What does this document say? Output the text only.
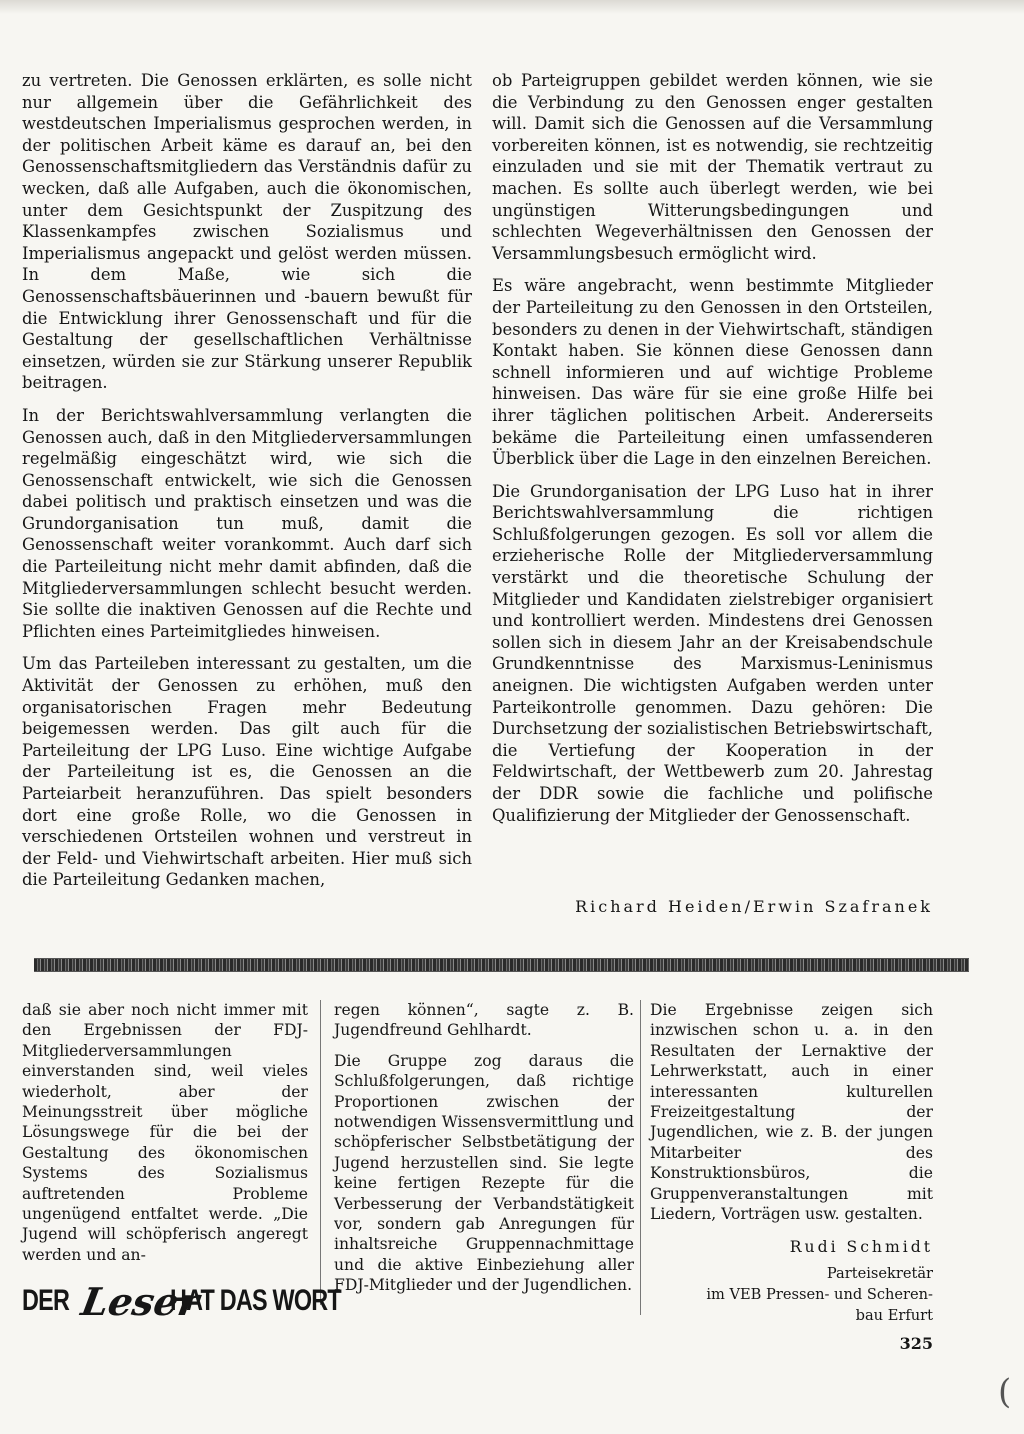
zu vertreten. Die Genossen erklärten, es solle nicht nur allgemein über die Gefährlichkeit des westdeutschen Imperialismus gesprochen werden, in der politischen Arbeit käme es darauf an, bei den Genossenschaftsmitgliedern das Verständnis dafür zu wecken, daß alle Aufgaben, auch die ökonomischen, unter dem Gesichtspunkt der Zuspitzung des Klassenkampfes zwischen Sozialismus und Imperialismus angepackt und gelöst werden müssen. In dem Maße, wie sich die Genossenschaftsbäuerinnen und -bauern bewußt für die Entwicklung ihrer Genossenschaft und für die Gestaltung der gesellschaftlichen Verhältnisse einsetzen, würden sie zur Stärkung unserer Republik beitragen.

In der Berichtswahlversammlung verlangten die Genossen auch, daß in den Mitgliederversammlungen regelmäßig eingeschätzt wird, wie sich die Genossenschaft entwickelt, wie sich die Genossen dabei politisch und praktisch einsetzen und was die Grundorganisation tun muß, damit die Genossenschaft weiter vorankommt. Auch darf sich die Parteileitung nicht mehr damit abfinden, daß die Mitgliederversammlungen schlecht besucht werden. Sie sollte die inaktiven Genossen auf die Rechte und Pflichten eines Parteimitgliedes hinweisen.

Um das Parteileben interessant zu gestalten, um die Aktivität der Genossen zu erhöhen, muß den organisatorischen Fragen mehr Bedeutung beigemessen werden. Das gilt auch für die Parteileitung der LPG Luso. Eine wichtige Aufgabe der Parteileitung ist es, die Genossen an die Parteiarbeit heranzuführen. Das spielt besonders dort eine große Rolle, wo die Genossen in verschiedenen Ortsteilen wohnen und verstreut in der Feld- und Viehwirtschaft arbeiten. Hier muß sich die Parteileitung Gedanken machen,

ob Parteigruppen gebildet werden können, wie sie die Verbindung zu den Genossen enger gestalten will. Damit sich die Genossen auf die Versammlung vorbereiten können, ist es notwendig, sie rechtzeitig einzuladen und sie mit der Thematik vertraut zu machen. Es sollte auch überlegt werden, wie bei ungünstigen Witterungsbedingungen und schlechten Wegeverhältnissen den Genossen der Versammlungsbesuch ermöglicht wird.

Es wäre angebracht, wenn bestimmte Mitglieder der Parteileitung zu den Genossen in den Ortsteilen, besonders zu denen in der Viehwirtschaft, ständigen Kontakt haben. Sie können diese Genossen dann schnell informieren und auf wichtige Probleme hinweisen. Das wäre für sie eine große Hilfe bei ihrer täglichen politischen Arbeit. Andererseits bekäme die Parteileitung einen umfassenderen Überblick über die Lage in den einzelnen Bereichen.

Die Grundorganisation der LPG Luso hat in ihrer Berichtswahlversammlung die richtigen Schlußfolgerungen gezogen. Es soll vor allem die erzieherische Rolle der Mitgliederversammlung verstärkt und die theoretische Schulung der Mitglieder und Kandidaten zielstrebiger organisiert und kontrolliert werden. Mindestens drei Genossen sollen sich in diesem Jahr an der Kreisabendschule Grundkenntnisse des Marxismus-Leninismus aneignen. Die wichtigsten Aufgaben werden unter Parteikontrolle genommen. Dazu gehören: Die Durchsetzung der sozialistischen Betriebswirtschaft, die Vertiefung der Kooperation in der Feldwirtschaft, der Wettbewerb zum 20. Jahrestag der DDR sowie die fachliche und polifische Qualifizierung der Mitglieder der Genossenschaft.

Richard Heiden/Erwin Szafranek

daß sie aber noch nicht immer mit den Ergebnissen der FDJ-Mitgliederversammlungen einverstanden sind, weil vieles wiederholt, aber der Meinungsstreit über mögliche Lösungswege für die bei der Gestaltung des ökonomischen Systems des Sozialismus auftretenden Probleme ungenügend entfaltet werde. „Die Jugend will schöpferisch angeregt werden und an-

regen können“, sagte z. B. Jugendfreund Gehlhardt.

Die Gruppe zog daraus die Schlußfolgerungen, daß richtige Proportionen zwischen der notwendigen Wissensvermittlung und schöpferischer Selbstbetätigung der Jugend herzustellen sind. Sie legte keine fertigen Rezepte für die Verbesserung der Verbandstätigkeit vor, sondern gab Anregungen für inhaltsreiche Gruppennachmittage und die aktive Einbeziehung aller FDJ-Mitglieder und der Jugendlichen.

Die Ergebnisse zeigen sich inzwischen schon u. a. in den Resultaten der Lernaktive der Lehrwerkstatt, auch in einer interessanten kulturellen Freizeitgestaltung der Jugendlichen, wie z. B. der jungen Mitarbeiter des Konstruktionsbüros, die Gruppenveranstaltungen mit Liedern, Vorträgen usw. gestalten.

DER Leser
HAT DAS WORT
Rudi Schmidt
Parteisekretär
im VEB Pressen- und Scheren-
bau Erfurt
325
(
